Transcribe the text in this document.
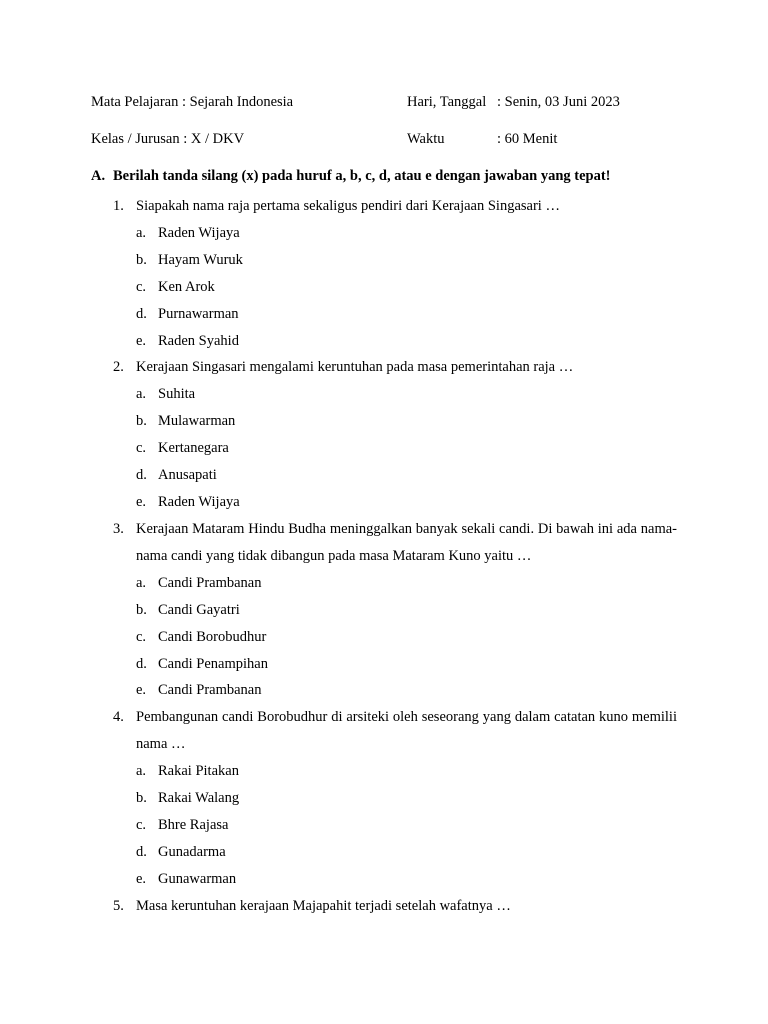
Mata Pelajaran : Sejarah Indonesia	Hari, Tanggal : Senin, 03 Juni 2023
Kelas / Jurusan : X / DKV	Waktu	: 60 Menit
A. Berilah tanda silang (x) pada huruf a, b, c, d, atau e dengan jawaban yang tepat!
1. Siapakah nama raja pertama sekaligus pendiri dari Kerajaan Singasari …
a. Raden Wijaya
b. Hayam Wuruk
c. Ken Arok
d. Purnawarman
e. Raden Syahid
2. Kerajaan Singasari mengalami keruntuhan pada masa pemerintahan raja …
a. Suhita
b. Mulawarman
c. Kertanegara
d. Anusapati
e. Raden Wijaya
3. Kerajaan Mataram Hindu Budha meninggalkan banyak sekali candi. Di bawah ini ada nama-nama candi yang tidak dibangun pada masa Mataram Kuno yaitu …
a. Candi Prambanan
b. Candi Gayatri
c. Candi Borobudhur
d. Candi Penampihan
e. Candi Prambanan
4. Pembangunan candi Borobudhur di arsiteki oleh seseorang yang dalam catatan kuno memilii nama …
a. Rakai Pitakan
b. Rakai Walang
c. Bhre Rajasa
d. Gunadarma
e. Gunawarman
5. Masa keruntuhan kerajaan Majapahit terjadi setelah wafatnya …
